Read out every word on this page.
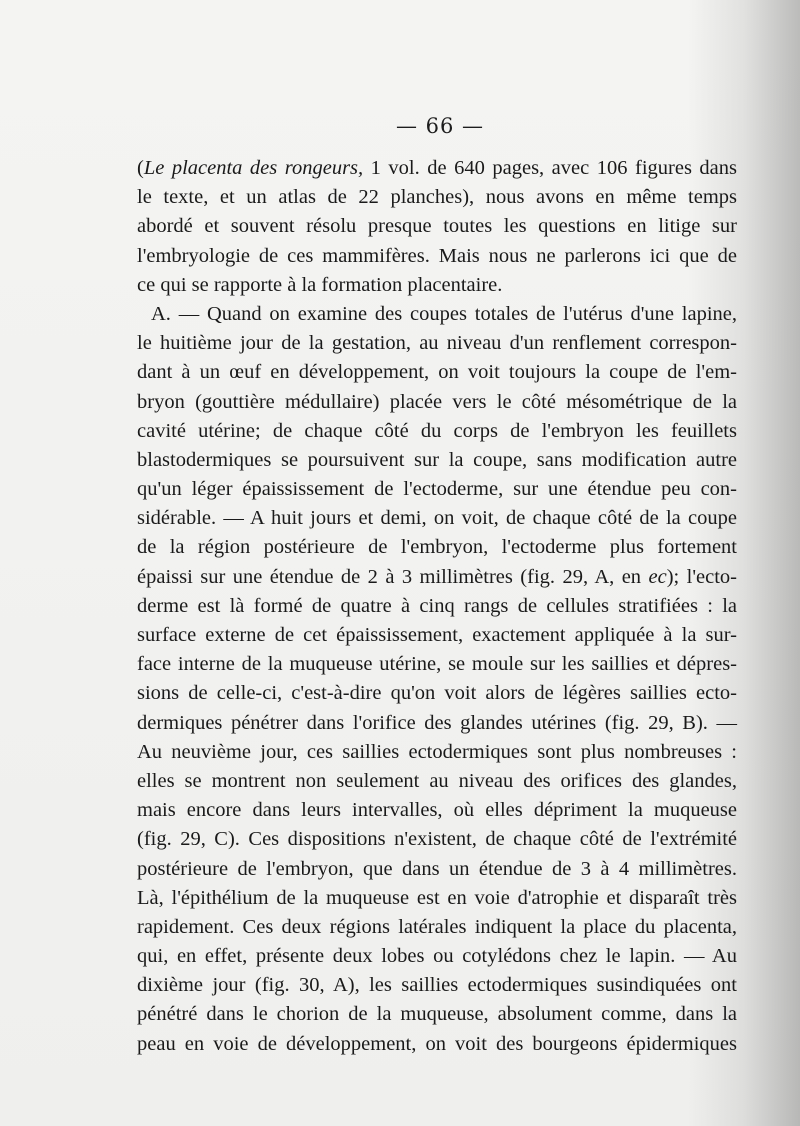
— 66 —
(Le placenta des rongeurs, 1 vol. de 640 pages, avec 106 figures dans
le texte, et un atlas de 22 planches), nous avons en même temps
abordé et souvent résolu presque toutes les questions en litige sur
l'embryologie de ces mammifères. Mais nous ne parlerons ici que de
ce qui se rapporte à la formation placentaire.
A. — Quand on examine des coupes totales de l'utérus d'une lapine,
le huitième jour de la gestation, au niveau d'un renflement correspon-
dant à un œuf en développement, on voit toujours la coupe de l'em-
bryon (gouttière médullaire) placée vers le côté mésométrique de la
cavité utérine; de chaque côté du corps de l'embryon les feuillets
blastodermiques se poursuivent sur la coupe, sans modification autre
qu'un léger épaississement de l'ectoderme, sur une étendue peu con-
sidérable. — A huit jours et demi, on voit, de chaque côté de la coupe
de la région postérieure de l'embryon, l'ectoderme plus fortement
épaissi sur une étendue de 2 à 3 millimètres (fig. 29, A, en ec); l'ecto-
derme est là formé de quatre à cinq rangs de cellules stratifiées : la
surface externe de cet épaississement, exactement appliquée à la sur-
face interne de la muqueuse utérine, se moule sur les saillies et dépres-
sions de celle-ci, c'est-à-dire qu'on voit alors de légères saillies ecto-
dermiques pénétrer dans l'orifice des glandes utérines (fig. 29, B). —
Au neuvième jour, ces saillies ectodermiques sont plus nombreuses :
elles se montrent non seulement au niveau des orifices des glandes,
mais encore dans leurs intervalles, où elles dépriment la muqueuse
(fig. 29, C). Ces dispositions n'existent, de chaque côté de l'extrémité
postérieure de l'embryon, que dans un étendue de 3 à 4 millimètres.
Là, l'épithélium de la muqueuse est en voie d'atrophie et disparaît très
rapidement. Ces deux régions latérales indiquent la place du placenta,
qui, en effet, présente deux lobes ou cotylédons chez le lapin. — Au
dixième jour (fig. 30, A), les saillies ectodermiques susindiquées ont
pénétré dans le chorion de la muqueuse, absolument comme, dans la
peau en voie de développement, on voit des bourgeons épidermiques
